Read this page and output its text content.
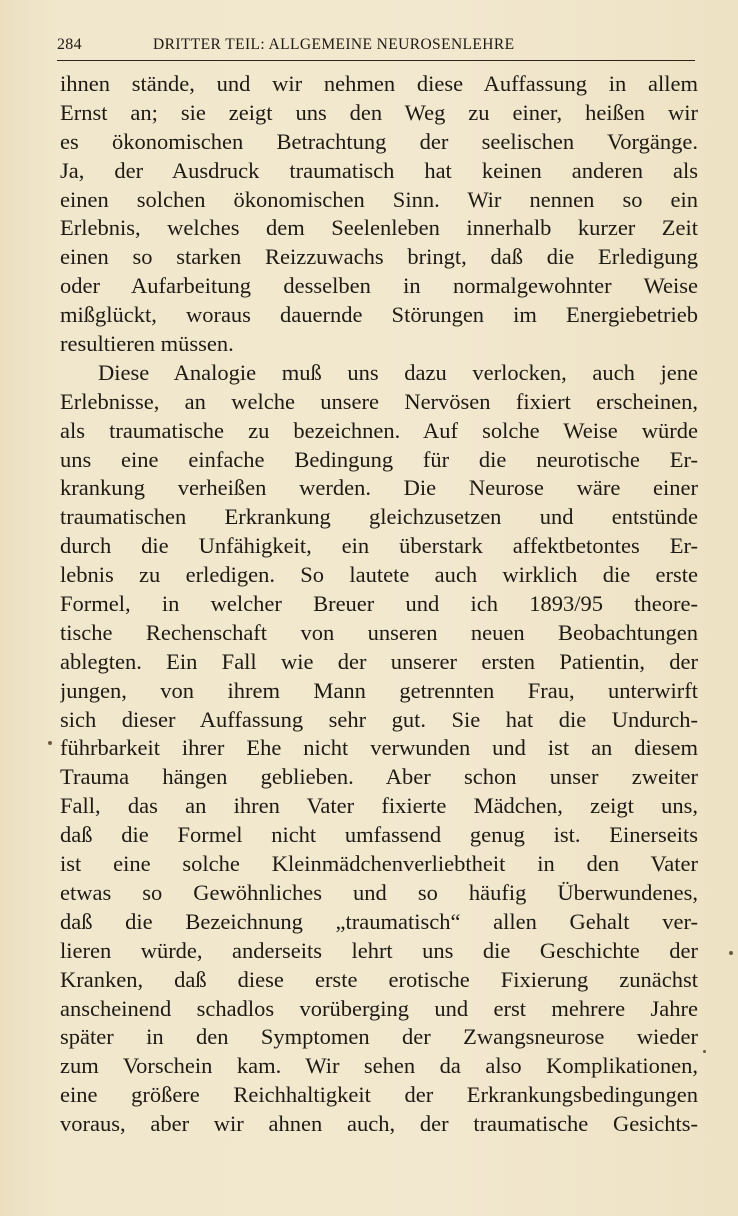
284	DRITTER TEIL: ALLGEMEINE NEUROSENLEHRE
ihnen stände, und wir nehmen diese Auffassung in allem
Ernst an; sie zeigt uns den Weg zu einer, heißen wir
es ökonomischen Betrachtung der seelischen Vorgänge.
Ja, der Ausdruck traumatisch hat keinen anderen als
einen solchen ökonomischen Sinn. Wir nennen so ein
Erlebnis, welches dem Seelenleben innerhalb kurzer Zeit
einen so starken Reizzuwachs bringt, daß die Erledigung
oder Aufarbeitung desselben in normalgewohnter Weise
mißglückt, woraus dauernde Störungen im Energiebetrieb
resultieren müssen.
Diese Analogie muß uns dazu verlocken, auch jene
Erlebnisse, an welche unsere Nervösen fixiert erscheinen,
als traumatische zu bezeichnen. Auf solche Weise würde
uns eine einfache Bedingung für die neurotische Er-
krankung verheißen werden. Die Neurose wäre einer
traumatischen Erkrankung gleichzusetzen und entstünde
durch die Unfähigkeit, ein überstark affektbetontes Er-
lebnis zu erledigen. So lautete auch wirklich die erste
Formel, in welcher Breuer und ich 1893/95 theore-
tische Rechenschaft von unseren neuen Beobachtungen
ablegten. Ein Fall wie der unserer ersten Patientin, der
jungen, von ihrem Mann getrennten Frau, unterwirft
sich dieser Auffassung sehr gut. Sie hat die Undurch-
führbarkeit ihrer Ehe nicht verwunden und ist an diesem
Trauma hängen geblieben. Aber schon unser zweiter
Fall, das an ihren Vater fixierte Mädchen, zeigt uns,
daß die Formel nicht umfassend genug ist. Einerseits
ist eine solche Kleinmädchenverliebtheit in den Vater
etwas so Gewöhnliches und so häufig Überwundenes,
daß die Bezeichnung „traumatisch“ allen Gehalt ver-
lieren würde, anderseits lehrt uns die Geschichte der
Kranken, daß diese erste erotische Fixierung zunächst
anscheinend schadlos vorüberging und erst mehrere Jahre
später in den Symptomen der Zwangsneurose wieder
zum Vorschein kam. Wir sehen da also Komplikationen,
eine größere Reichhaltigkeit der Erkrankungsbedingungen
voraus, aber wir ahnen auch, der traumatische Gesichts-
